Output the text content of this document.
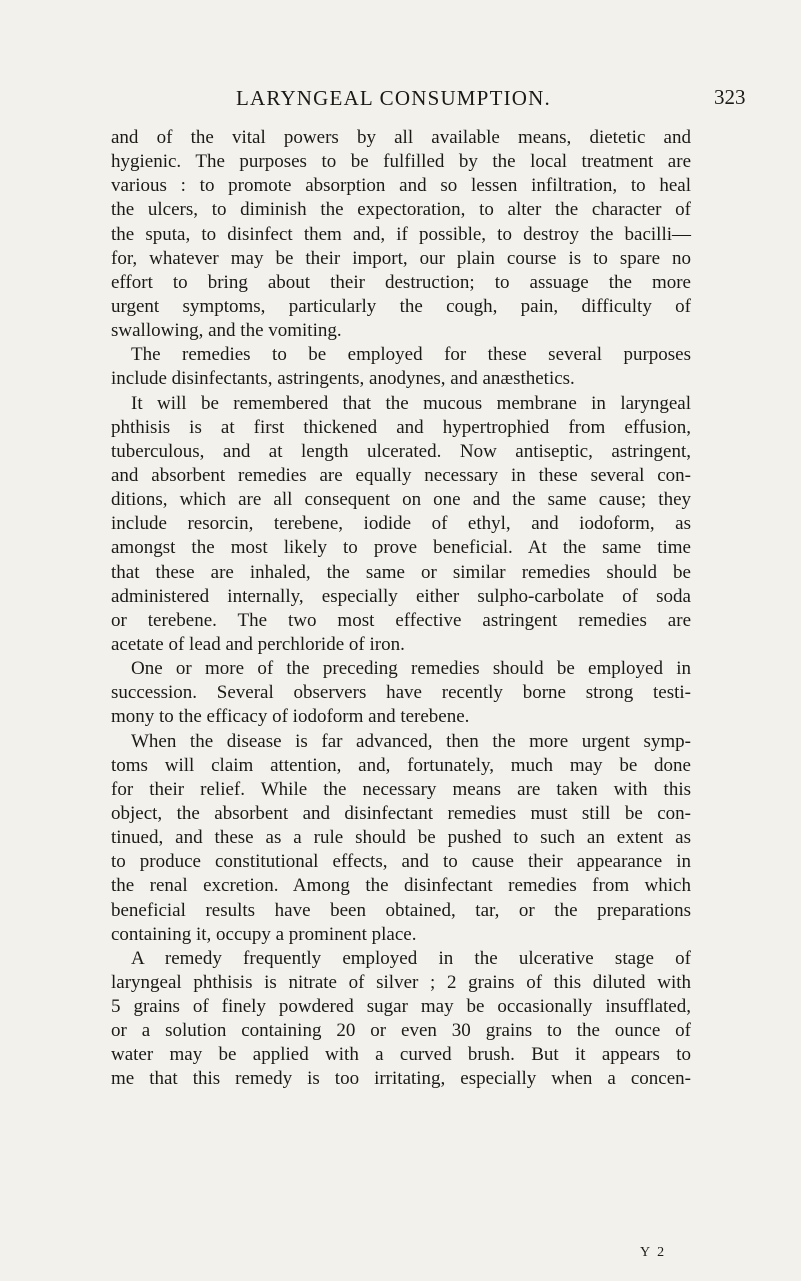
LARYNGEAL CONSUMPTION.	323
and of the vital powers by all available means, dietetic and
hygienic. The purposes to be fulfilled by the local treatment are
various : to promote absorption and so lessen infiltration, to heal
the ulcers, to diminish the expectoration, to alter the character of
the sputa, to disinfect them and, if possible, to destroy the bacilli—
for, whatever may be their import, our plain course is to spare no
effort to bring about their destruction; to assuage the more
urgent symptoms, particularly the cough, pain, difficulty of
swallowing, and the vomiting.
The remedies to be employed for these several purposes
include disinfectants, astringents, anodynes, and anæsthetics.
It will be remembered that the mucous membrane in laryngeal
phthisis is at first thickened and hypertrophied from effusion,
tuberculous, and at length ulcerated. Now antiseptic, astringent,
and absorbent remedies are equally necessary in these several con-
ditions, which are all consequent on one and the same cause; they
include resorcin, terebene, iodide of ethyl, and iodoform, as
amongst the most likely to prove beneficial. At the same time
that these are inhaled, the same or similar remedies should be
administered internally, especially either sulpho-carbolate of soda
or terebene. The two most effective astringent remedies are
acetate of lead and perchloride of iron.
One or more of the preceding remedies should be employed in
succession. Several observers have recently borne strong testi-
mony to the efficacy of iodoform and terebene.
When the disease is far advanced, then the more urgent symp-
toms will claim attention, and, fortunately, much may be done
for their relief. While the necessary means are taken with this
object, the absorbent and disinfectant remedies must still be con-
tinued, and these as a rule should be pushed to such an extent as
to produce constitutional effects, and to cause their appearance in
the renal excretion. Among the disinfectant remedies from which
beneficial results have been obtained, tar, or the preparations
containing it, occupy a prominent place.
A remedy frequently employed in the ulcerative stage of
laryngeal phthisis is nitrate of silver ; 2 grains of this diluted with
5 grains of finely powdered sugar may be occasionally insufflated,
or a solution containing 20 or even 30 grains to the ounce of
water may be applied with a curved brush. But it appears to
me that this remedy is too irritating, especially when a concen-
Y 2
